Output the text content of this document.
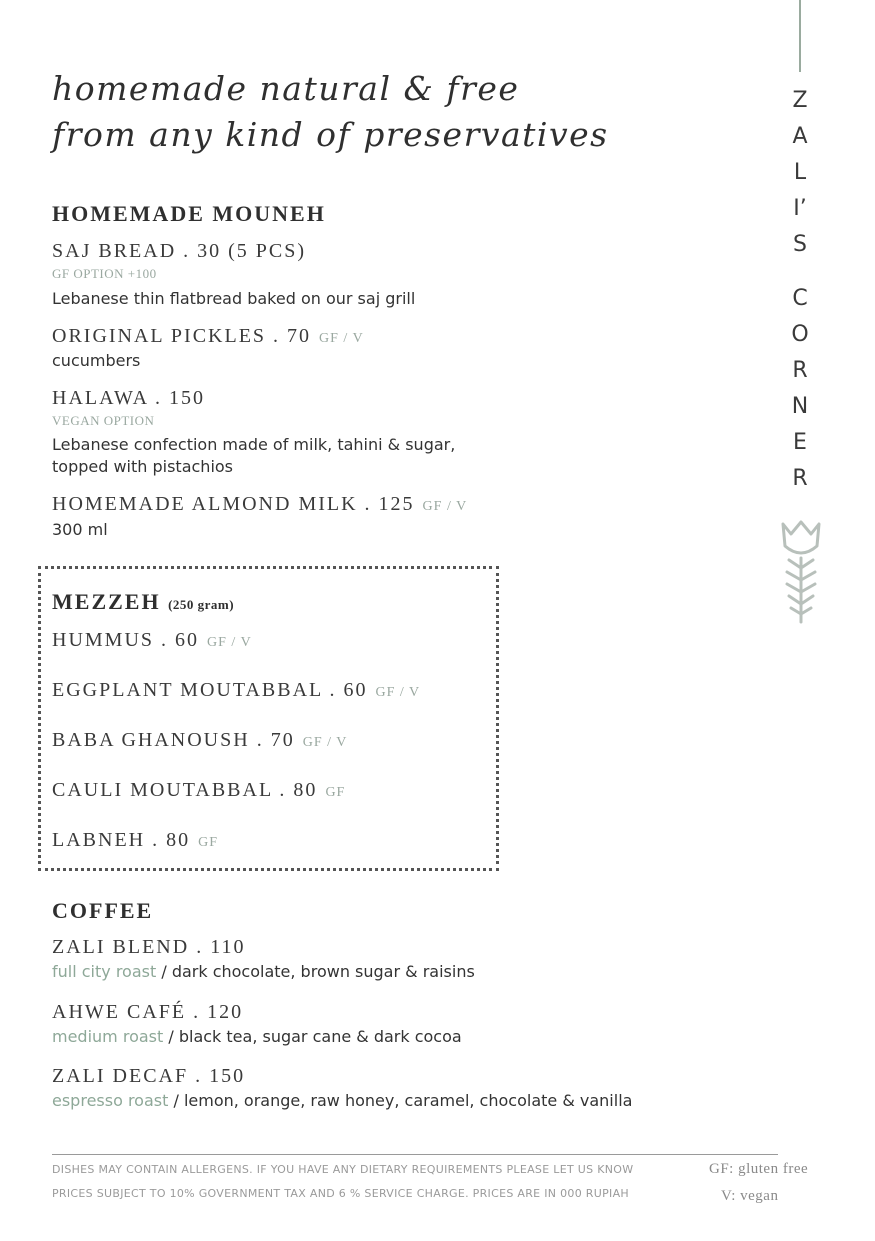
homemade natural & free
from any kind of preservatives
HOMEMADE MOUNEH
SAJ BREAD . 30 (5 PCS)
GF OPTION +100
Lebanese thin flatbread baked on our saj grill
ORIGINAL PICKLES . 70 GF / V
cucumbers
HALAWA . 150
VEGAN OPTION
Lebanese confection made of milk, tahini & sugar,
topped with pistachios
HOMEMADE ALMOND MILK . 125 GF / V
300 ml
MEZZEH (250 gram)
HUMMUS . 60 GF / V
EGGPLANT MOUTABBAL . 60 GF / V
BABA GHANOUSH . 70 GF / V
CAULI MOUTABBAL . 80 GF
LABNEH . 80 GF
COFFEE
ZALI BLEND . 110
full city roast / dark chocolate, brown sugar & raisins
AHWE CAFÉ . 120
medium roast / black tea, sugar cane & dark cocoa
ZALI DECAF . 150
espresso roast / lemon, orange, raw honey, caramel, chocolate & vanilla
Z
A
L
I’
S
C
O
R
N
E
R
DISHES MAY CONTAIN ALLERGENS. IF YOU HAVE ANY DIETARY REQUIREMENTS PLEASE LET US KNOW
PRICES SUBJECT TO 10% GOVERNMENT TAX AND 6 % SERVICE CHARGE. PRICES ARE IN 000 RUPIAH
GF: gluten free
V: vegan
